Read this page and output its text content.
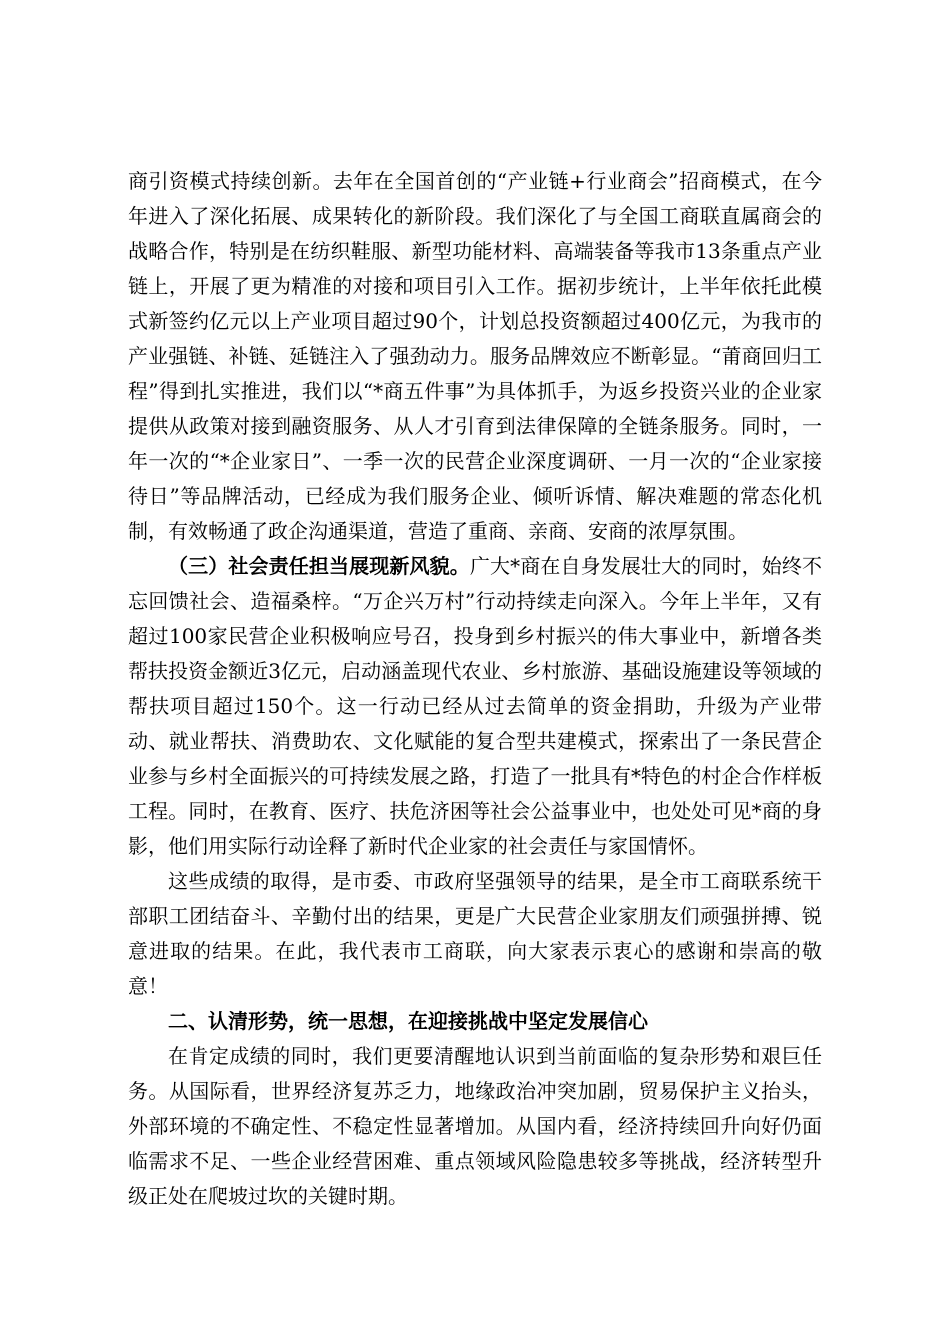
商引资模式持续创新。去年在全国首创的“产业链+行业商会”招商模式，在今年进入了深化拓展、成果转化的新阶段。我们深化了与全国工商联直属商会的战略合作，特别是在纺织鞋服、新型功能材料、高端装备等我市13条重点产业链上，开展了更为精准的对接和项目引入工作。据初步统计，上半年依托此模式新签约亿元以上产业项目超过90个，计划总投资额超过400亿元，为我市的产业强链、补链、延链注入了强劲动力。服务品牌效应不断彰显。“莆商回归工程”得到扎实推进，我们以“*商五件事”为具体抓手，为返乡投资兴业的企业家提供从政策对接到融资服务、从人才引育到法律保障的全链条服务。同时，一年一次的“*企业家日”、一季一次的民营企业深度调研、一月一次的“企业家接待日”等品牌活动，已经成为我们服务企业、倾听诉情、解决难题的常态化机制，有效畅通了政企沟通渠道，营造了重商、亲商、安商的浓厚氛围。

（三）社会责任担当展现新风貌。广大*商在自身发展壮大的同时，始终不忘回馈社会、造福桑梓。“万企兴万村”行动持续走向深入。今年上半年，又有超过100家民营企业积极响应号召，投身到乡村振兴的伟大事业中，新增各类帮扶投资金额近3亿元，启动涵盖现代农业、乡村旅游、基础设施建设等领域的帮扶项目超过150个。这一行动已经从过去简单的资金捐助，升级为产业带动、就业帮扶、消费助农、文化赋能的复合型共建模式，探索出了一条民营企业参与乡村全面振兴的可持续发展之路，打造了一批具有*特色的村企合作样板工程。同时，在教育、医疗、扶危济困等社会公益事业中，也处处可见*商的身影，他们用实际行动诠释了新时代企业家的社会责任与家国情怀。

这些成绩的取得，是市委、市政府坚强领导的结果，是全市工商联系统干部职工团结奋斗、辛勤付出的结果，更是广大民营企业家朋友们顽强拼搏、锐意进取的结果。在此，我代表市工商联，向大家表示衷心的感谢和崇高的敬意！

二、认清形势，统一思想，在迎接挑战中坚定发展信心

在肯定成绩的同时，我们更要清醒地认识到当前面临的复杂形势和艰巨任务。从国际看，世界经济复苏乏力，地缘政治冲突加剧，贸易保护主义抬头，外部环境的不确定性、不稳定性显著增加。从国内看，经济持续回升向好仍面临需求不足、一些企业经营困难、重点领域风险隐患较多等挑战，经济转型升级正处在爬坡过坎的关键时期。
